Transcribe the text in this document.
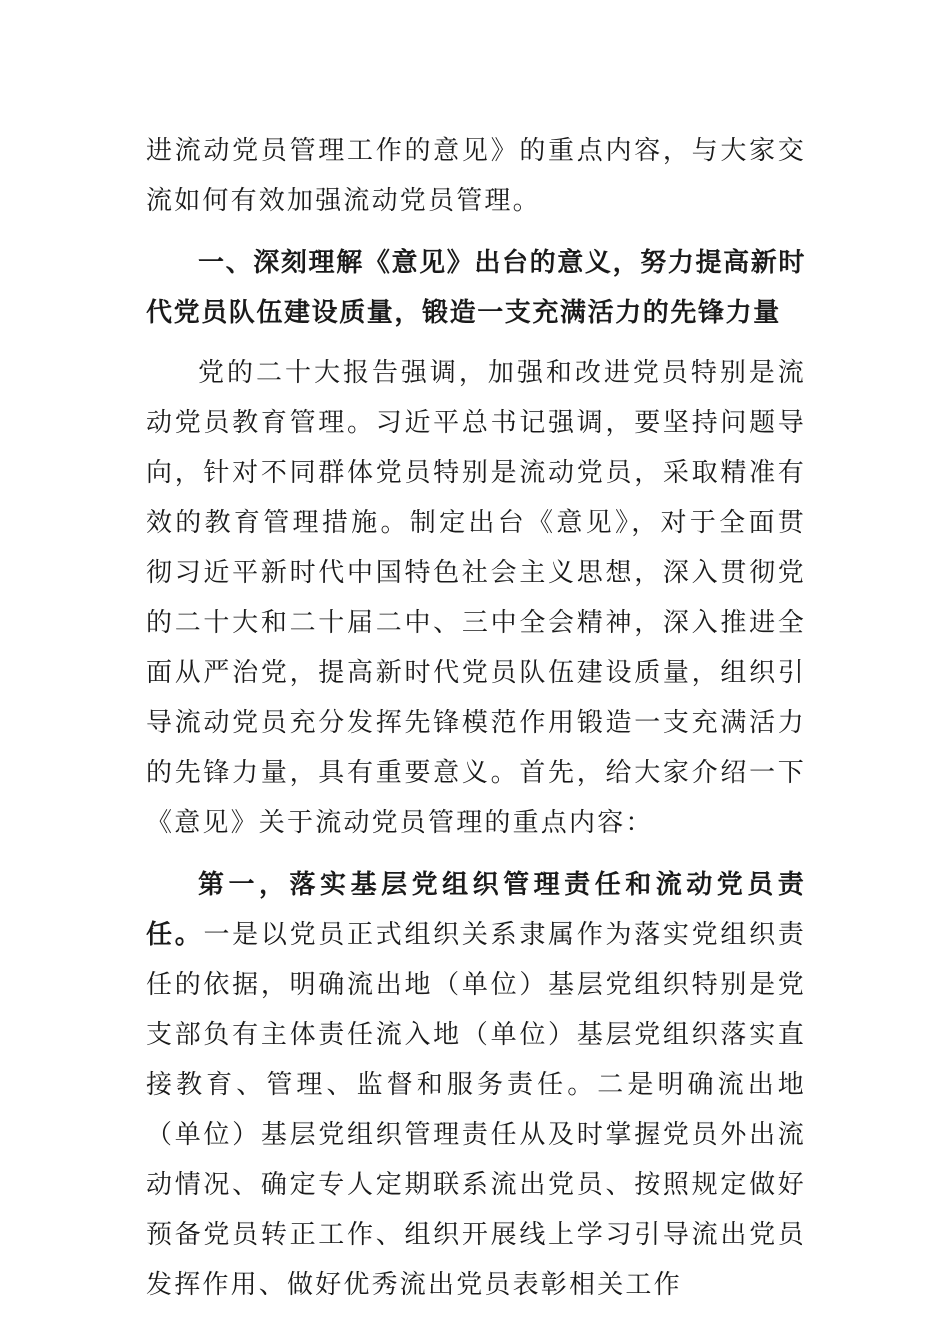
进流动党员管理工作的意见》的重点内容，与大家交流如何有效加强流动党员管理。

一、深刻理解《意见》出台的意义，努力提高新时代党员队伍建设质量，锻造一支充满活力的先锋力量

党的二十大报告强调，加强和改进党员特别是流动党员教育管理。习近平总书记强调，要坚持问题导向，针对不同群体党员特别是流动党员，采取精准有效的教育管理措施。制定出台《意见》，对于全面贯彻习近平新时代中国特色社会主义思想，深入贯彻党的二十大和二十届二中、三中全会精神，深入推进全面从严治党，提高新时代党员队伍建设质量，组织引导流动党员充分发挥先锋模范作用锻造一支充满活力的先锋力量，具有重要意义。首先，给大家介绍一下《意见》关于流动党员管理的重点内容：

第一，落实基层党组织管理责任和流动党员责任。一是以党员正式组织关系隶属作为落实党组织责任的依据，明确流出地（单位）基层党组织特别是党支部负有主体责任流入地（单位）基层党组织落实直接教育、管理、监督和服务责任。二是明确流出地（单位）基层党组织管理责任从及时掌握党员外出流动情况、确定专人定期联系流出党员、按照规定做好预备党员转正工作、组织开展线上学习引导流出党员发挥作用、做好优秀流出党员表彰相关工作
